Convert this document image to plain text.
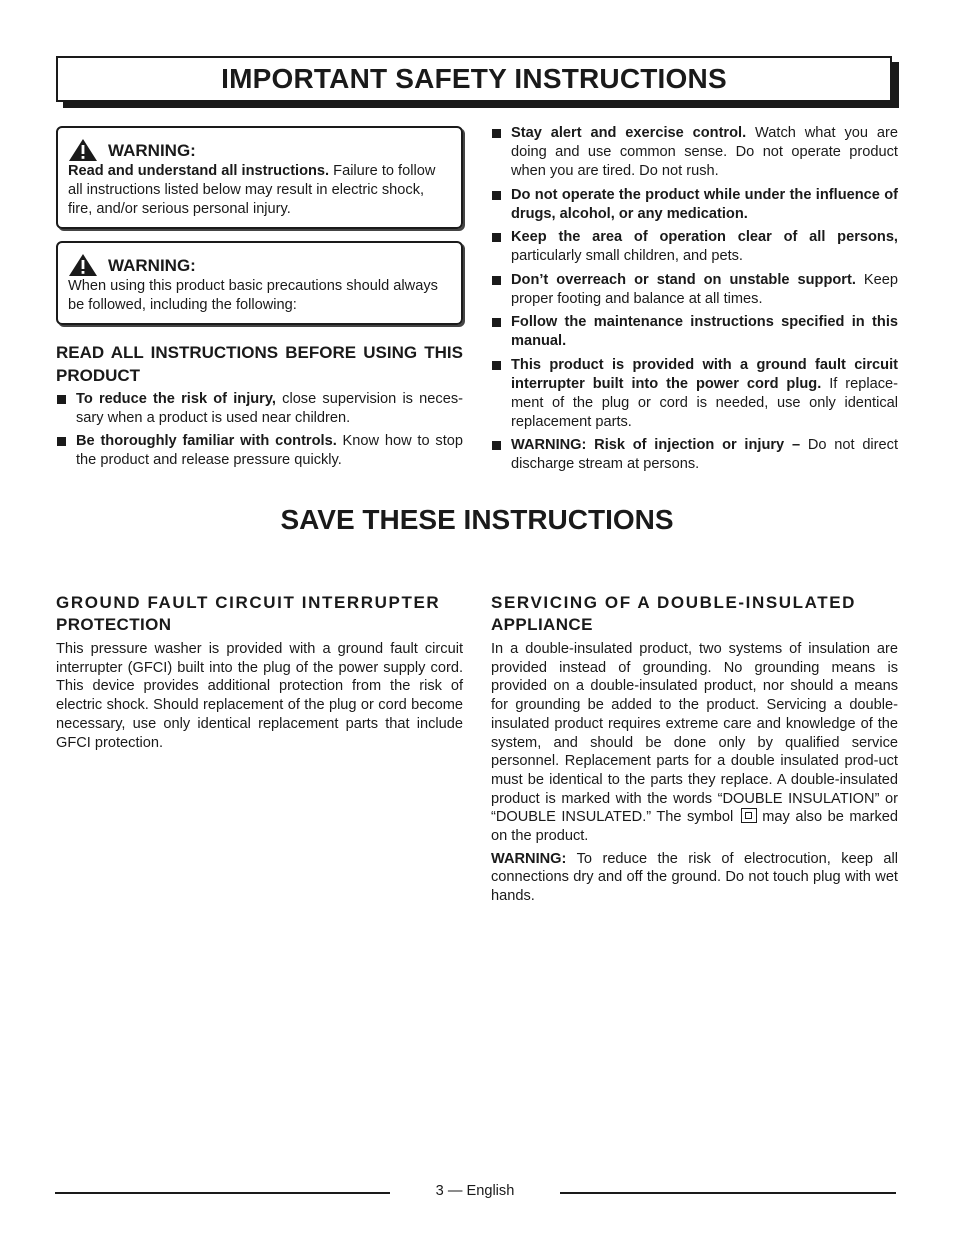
IMPORTANT SAFETY INSTRUCTIONS
WARNING:
Read and understand all instructions. Failure to follow all instructions listed below may result in electric shock, fire, and/or serious personal injury.
WARNING:
When using this product basic precautions should always be followed, including the following:
READ ALL INSTRUCTIONS BEFORE USING THIS PRODUCT
To reduce the risk of injury, close supervision is neces-sary when a product is used near children.
Be thoroughly familiar with controls. Know how to stop the product and release pressure quickly.
Stay alert and exercise control. Watch what you are doing and use common sense. Do not operate product when you are tired. Do not rush.
Do not operate the product while under the influence of drugs, alcohol, or any medication.
Keep the area of operation clear of all persons, particularly small children, and pets.
Don’t overreach or stand on unstable support. Keep proper footing and balance at all times.
Follow the maintenance instructions specified in this manual.
This product is provided with a ground fault circuit interrupter built into the power cord plug. If replace-ment of the plug or cord is needed, use only identical replacement parts.
WARNING: Risk of injection or injury – Do not direct discharge stream at persons.
SAVE THESE INSTRUCTIONS
GROUND FAULT CIRCUIT INTERRUPTER
PROTECTION

This pressure washer is provided with a ground fault circuit interrupter (GFCI) built into the plug of the power supply cord. This device provides additional protection from the risk of electric shock. Should replacement of the plug or cord become necessary, use only identical replacement parts that include GFCI protection.

SERVICING OF A DOUBLE-INSULATED
APPLIANCE

In a double-insulated product, two systems of insulation are provided instead of grounding. No grounding means is provided on a double-insulated product, nor should a means for grounding be added to the product. Servicing a double-insulated product requires extreme care and knowledge of the system, and should be done only by qualified service personnel. Replacement parts for a double insulated prod-uct must be identical to the parts they replace. A double-insulated product is marked with the words “DOUBLE INSULATION” or “DOUBLE INSULATED.” The symbol  may also be marked on the product.

WARNING: To reduce the risk of electrocution, keep all connections dry and off the ground. Do not touch plug with wet hands.

3 — English
